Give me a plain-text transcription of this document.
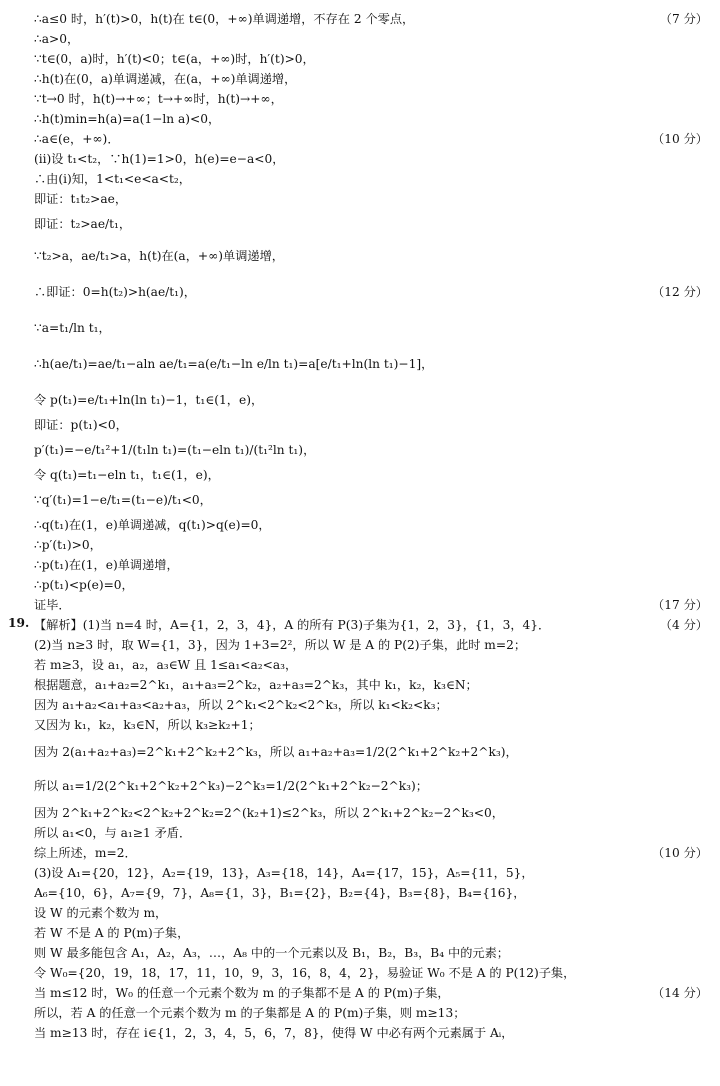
∴a≤0 时，h′(t)>0，h(t)在 t∈(0，+∞)单调递增，不存在 2 个零点，	（7 分）
∴a>0，
∵t∈(0，a)时，h′(t)<0；t∈(a，+∞)时，h′(t)>0，
∴h(t)在(0，a)单调递减，在(a，+∞)单调递增，
∵t→0 时，h(t)→+∞；t→+∞时，h(t)→+∞，
∴h(t)min=h(a)=a(1−ln a)<0，
∴a∈(e，+∞)．	（10 分）
(ii)设 t₁<t₂，∵h(1)=1>0，h(e)=e−a<0，
∴由(i)知，1<t₁<e<a<t₂，
即证：t₁t₂>ae，
即证：t₂>ae/t₁，
∵t₂>a，ae/t₁>a，h(t)在(a，+∞)单调递增，
∴即证：0=h(t₂)>h(ae/t₁)，	（12 分）
∵a=t₁/ln t₁，
∴h(ae/t₁)=ae/t₁−aln ae/t₁=a(e/t₁−ln e/ln t₁)=a[e/t₁+ln(ln t₁)−1]，
令 p(t₁)=e/t₁+ln(ln t₁)−1，t₁∈(1，e)，
即证：p(t₁)<0，
p′(t₁)=−e/t₁²+1/(t₁ln t₁)=(t₁−eln t₁)/(t₁²ln t₁)，
令 q(t₁)=t₁−eln t₁，t₁∈(1，e)，
∵q′(t₁)=1−e/t₁=(t₁−e)/t₁<0，
∴q(t₁)在(1，e)单调递减，q(t₁)>q(e)=0，
∴p′(t₁)>0，
∴p(t₁)在(1，e)单调递增，
∴p(t₁)<p(e)=0，
证毕．	（17 分）
19. 【解析】(1)当 n=4 时，A={1，2，3，4}，A 的所有 P(3)子集为{1，2，3}，{1，3，4}．	（4 分）
(2)当 n≥3 时，取 W={1，3}，因为 1+3=2²，所以 W 是 A 的 P(2)子集，此时 m=2；
若 m≥3，设 a₁，a₂，a₃∈W 且 1≤a₁<a₂<a₃，
根据题意，a₁+a₂=2^k₁，a₁+a₃=2^k₂，a₂+a₃=2^k₃，其中 k₁，k₂，k₃∈N；
因为 a₁+a₂<a₁+a₃<a₂+a₃，所以 2^k₁<2^k₂<2^k₃，所以 k₁<k₂<k₃；
又因为 k₁，k₂，k₃∈N，所以 k₃≥k₂+1；
因为 2(a₁+a₂+a₃)=2^k₁+2^k₂+2^k₃，所以 a₁+a₂+a₃=1/2(2^k₁+2^k₂+2^k₃)，
所以 a₁=1/2(2^k₁+2^k₂+2^k₃)−2^k₃=1/2(2^k₁+2^k₂−2^k₃)；
因为 2^k₁+2^k₂<2^k₂+2^k₂=2^(k₂+1)≤2^k₃，所以 2^k₁+2^k₂−2^k₃<0，
所以 a₁<0，与 a₁≥1 矛盾．
综上所述，m=2．	（10 分）
(3)设 A₁={20，12}，A₂={19，13}，A₃={18，14}，A₄={17，15}，A₅={11，5}，
A₆={10，6}，A₇={9，7}，A₈={1，3}，B₁={2}，B₂={4}，B₃={8}，B₄={16}，
设 W 的元素个数为 m，
若 W 不是 A 的 P(m)子集，
则 W 最多能包含 A₁，A₂，A₃，…，A₈ 中的一个元素以及 B₁，B₂，B₃，B₄ 中的元素；
令 W₀={20，19，18，17，11，10，9，3，16，8，4，2}，易验证 W₀ 不是 A 的 P(12)子集，
当 m≤12 时，W₀ 的任意一个元素个数为 m 的子集都不是 A 的 P(m)子集，	（14 分）
所以，若 A 的任意一个元素个数为 m 的子集都是 A 的 P(m)子集，则 m≥13；
当 m≥13 时，存在 i∈{1，2，3，4，5，6，7，8}，使得 W 中必有两个元素属于 Aᵢ，
